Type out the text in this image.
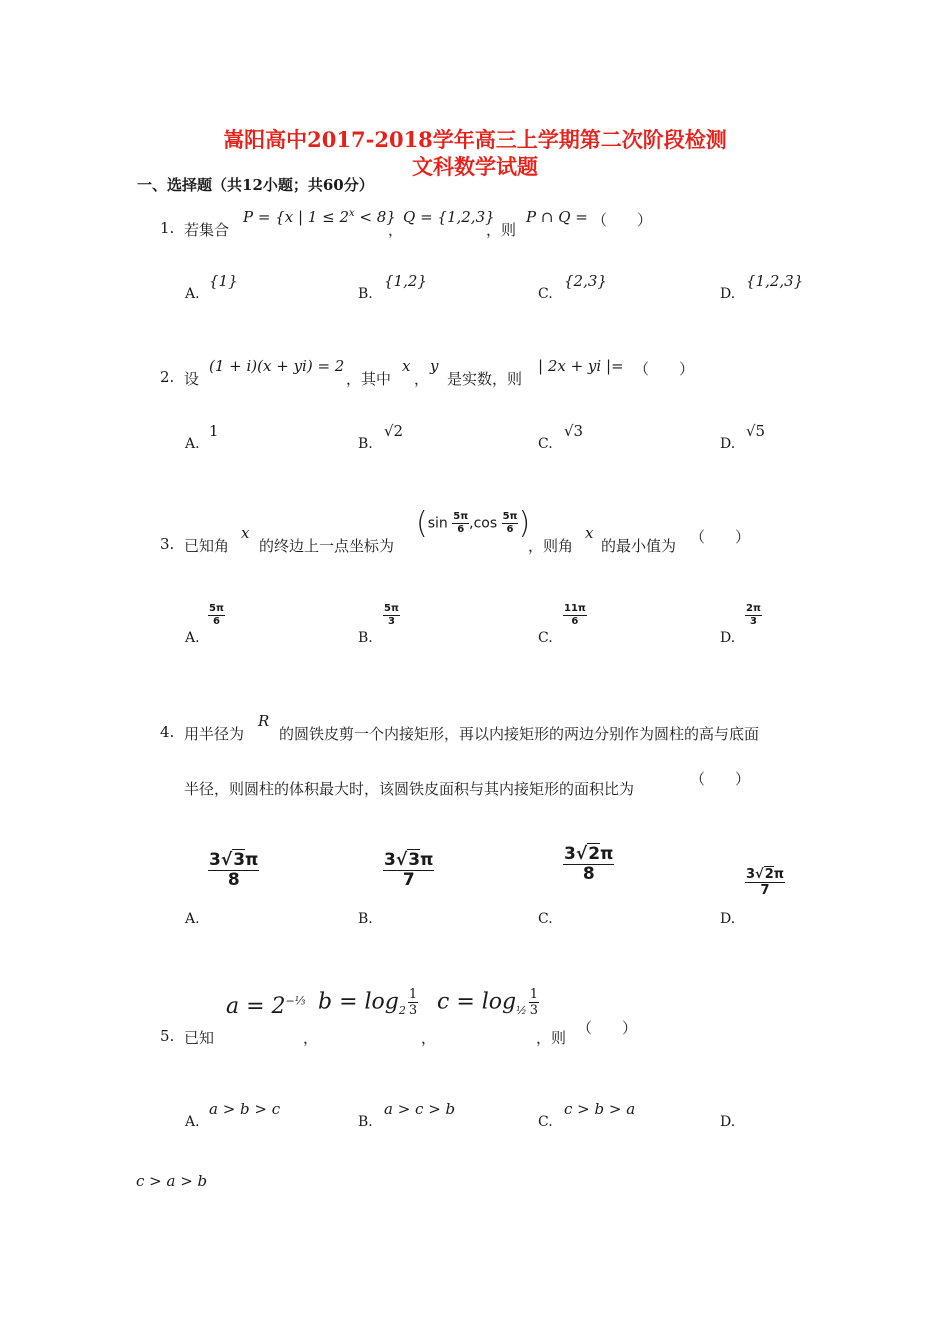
嵩阳高中2017-2018学年高三上学期第二次阶段检测
文科数学试题
一、选择题（共12小题；共60分）
1. 若集合
P = {x | $1 \le 2^x < 8$}
，
Q = {1,2,3}
，则
P ∩ Q = （　　）
A.
{1}
B.
{1,2}
C.
{2,3}
D.
{1,2,3}
2. 设
(1 + i)(x + yi) = 2
，其中
x
，
y
是实数，则
| 2x + yi |= （　　）
A.
1
B.
√2
C.
√3
D.
√5
3. 已知角
x
的终边上一点坐标为
($\sin \frac{5\pi}{6} ,\cos \frac{5\pi}{6}$ )
，则角
x
的最小值为 （　　）
A.
$\frac{5\pi}{6}$
B.
$\frac{5\pi}{3}$
C.
$\frac{11\pi}{6}$
D.
$\frac{2\pi}{3}$
4. 用半径为
R
的圆铁皮剪一个内接矩形，再以内接矩形的两边分别作为圆柱的高与底面
半径，则圆柱的体积最大时，该圆铁皮面积与其内接矩形的面积比为
（　　）
A.
$\frac{3√3\pi}{8}$
B.
$\frac{3√3\pi}{7}$
C.
$\frac{3√2\pi}{8}$
D.
$\frac{3√2\pi}{7}$
5. 已知
$a = 2^{-\frac{1}{3}}$
，
$b = \log_2 \frac{1}{3}$
，
$c = \log_{\frac{1}{2}} \frac{1}{3}$
，则
（　　）
A.
a > b > c
B.
a > c > b
C.
c > b > a
D.
c > a > b
